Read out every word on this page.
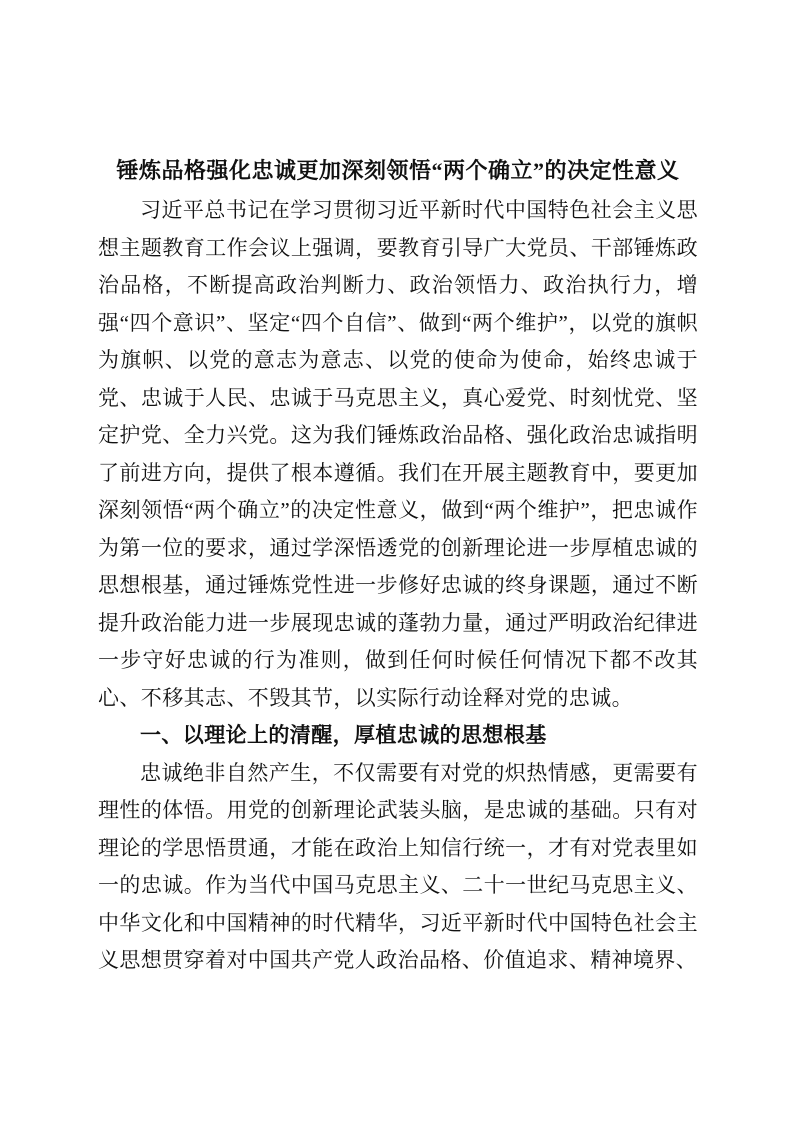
锤炼品格强化忠诚更加深刻领悟“两个确立”的决定性意义

习近平总书记在学习贯彻习近平新时代中国特色社会主义思想主题教育工作会议上强调，要教育引导广大党员、干部锤炼政治品格，不断提高政治判断力、政治领悟力、政治执行力，增强“四个意识”、坚定“四个自信”、做到“两个维护”，以党的旗帜为旗帜、以党的意志为意志、以党的使命为使命，始终忠诚于党、忠诚于人民、忠诚于马克思主义，真心爱党、时刻忧党、坚定护党、全力兴党。这为我们锤炼政治品格、强化政治忠诚指明了前进方向，提供了根本遵循。我们在开展主题教育中，要更加深刻领悟“两个确立”的决定性意义，做到“两个维护”，把忠诚作为第一位的要求，通过学深悟透党的创新理论进一步厚植忠诚的思想根基，通过锤炼党性进一步修好忠诚的终身课题，通过不断提升政治能力进一步展现忠诚的蓬勃力量，通过严明政治纪律进一步守好忠诚的行为准则，做到任何时候任何情况下都不改其心、不移其志、不毁其节，以实际行动诠释对党的忠诚。

一、以理论上的清醒，厚植忠诚的思想根基

忠诚绝非自然产生，不仅需要有对党的炽热情感，更需要有理性的体悟。用党的创新理论武装头脑，是忠诚的基础。只有对理论的学思悟贯通，才能在政治上知信行统一，才有对党表里如一的忠诚。作为当代中国马克思主义、二十一世纪马克思主义、中华文化和中国精神的时代精华，习近平新时代中国特色社会主义思想贯穿着对中国共产党人政治品格、价值追求、精神境界、
